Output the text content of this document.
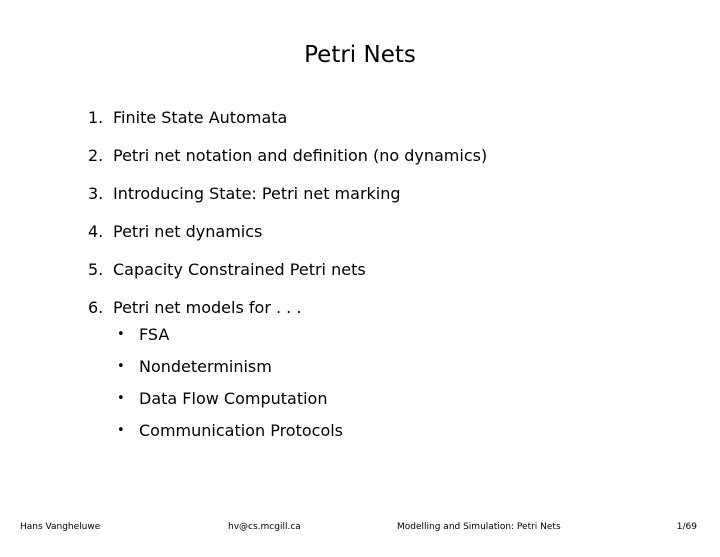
Petri Nets
1. Finite State Automata
2. Petri net notation and definition (no dynamics)
3. Introducing State: Petri net marking
4. Petri net dynamics
5. Capacity Constrained Petri nets
6. Petri net models for . . .
• FSA
• Nondeterminism
• Data Flow Computation
• Communication Protocols
Hans Vangheluwe	hv@cs.mcgill.ca	Modelling and Simulation: Petri Nets	1/69
